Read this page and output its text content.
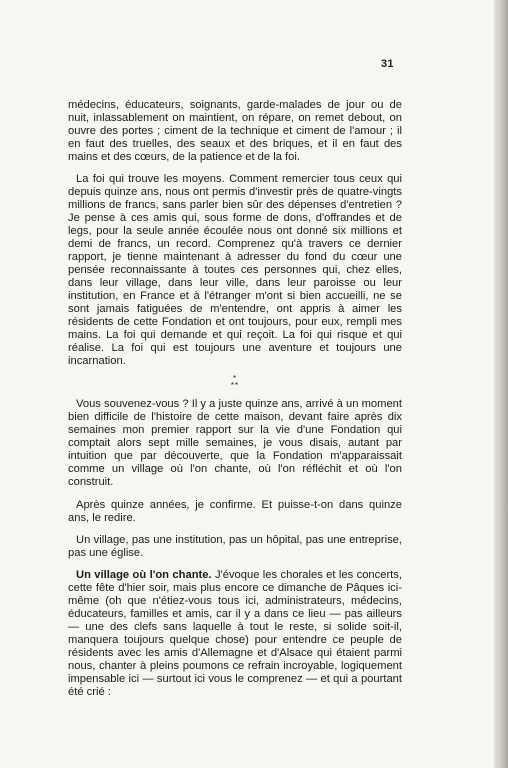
31

médecins, éducateurs, soignants, garde-malades de jour ou de nuit, inlassablement on maintient, on répare, on remet debout, on ouvre des portes ; ciment de la technique et ciment de l'amour ; il en faut des truelles, des seaux et des briques, et il en faut des mains et des cœurs, de la patience et de la foi.

La foi qui trouve les moyens. Comment remercier tous ceux qui depuis quinze ans, nous ont permis d'investir près de quatre-vingts millions de francs, sans parler bien sûr des dépenses d'entretien ? Je pense à ces amis qui, sous forme de dons, d'offrandes et de legs, pour la seule année écoulée nous ont donné six millions et demi de francs, un record. Comprenez qu'à travers ce dernier rapport, je tienne maintenant à adresser du fond du cœur une pensée reconnaissante à toutes ces personnes qui, chez elles, dans leur village, dans leur ville, dans leur paroisse ou leur institution, en France et à l'étranger m'ont si bien accueilli, ne se sont jamais fatiguées de m'entendre, ont appris à aimer les résidents de cette Fondation et ont toujours, pour eux, rempli mes mains. La foi qui demande et qui reçoit. La foi qui risque et qui réalise. La foi qui est toujours une aventure et toujours une incarnation.

*
**

Vous souvenez-vous ? Il y a juste quinze ans, arrivé à un moment bien difficile de l'histoire de cette maison, devant faire après dix semaines mon premier rapport sur la vie d'une Fondation qui comptait alors sept mille semaines, je vous disais, autant par intuition que par découverte, que la Fondation m'apparaissait comme un village où l'on chante, où l'on réfléchit et où l'on construit.

Après quinze années, je confirme. Et puisse-t-on dans quinze ans, le redire.

Un village, pas une institution, pas un hôpital, pas une entreprise, pas une église.

Un village où l'on chante. J'évoque les chorales et les concerts, cette fête d'hier soir, mais plus encore ce dimanche de Pâques ici-même (oh que n'étiez-vous tous ici, administrateurs, médecins, éducateurs, familles et amis, car il y a dans ce lieu — pas ailleurs — une des clefs sans laquelle à tout le reste, si solide soit-il, manquera toujours quelque chose) pour entendre ce peuple de résidents avec les amis d'Allemagne et d'Alsace qui étaient parmi nous, chanter à pleins poumons ce refrain incroyable, logiquement impensable ici — surtout ici vous le comprenez — et qui a pourtant été crié :
